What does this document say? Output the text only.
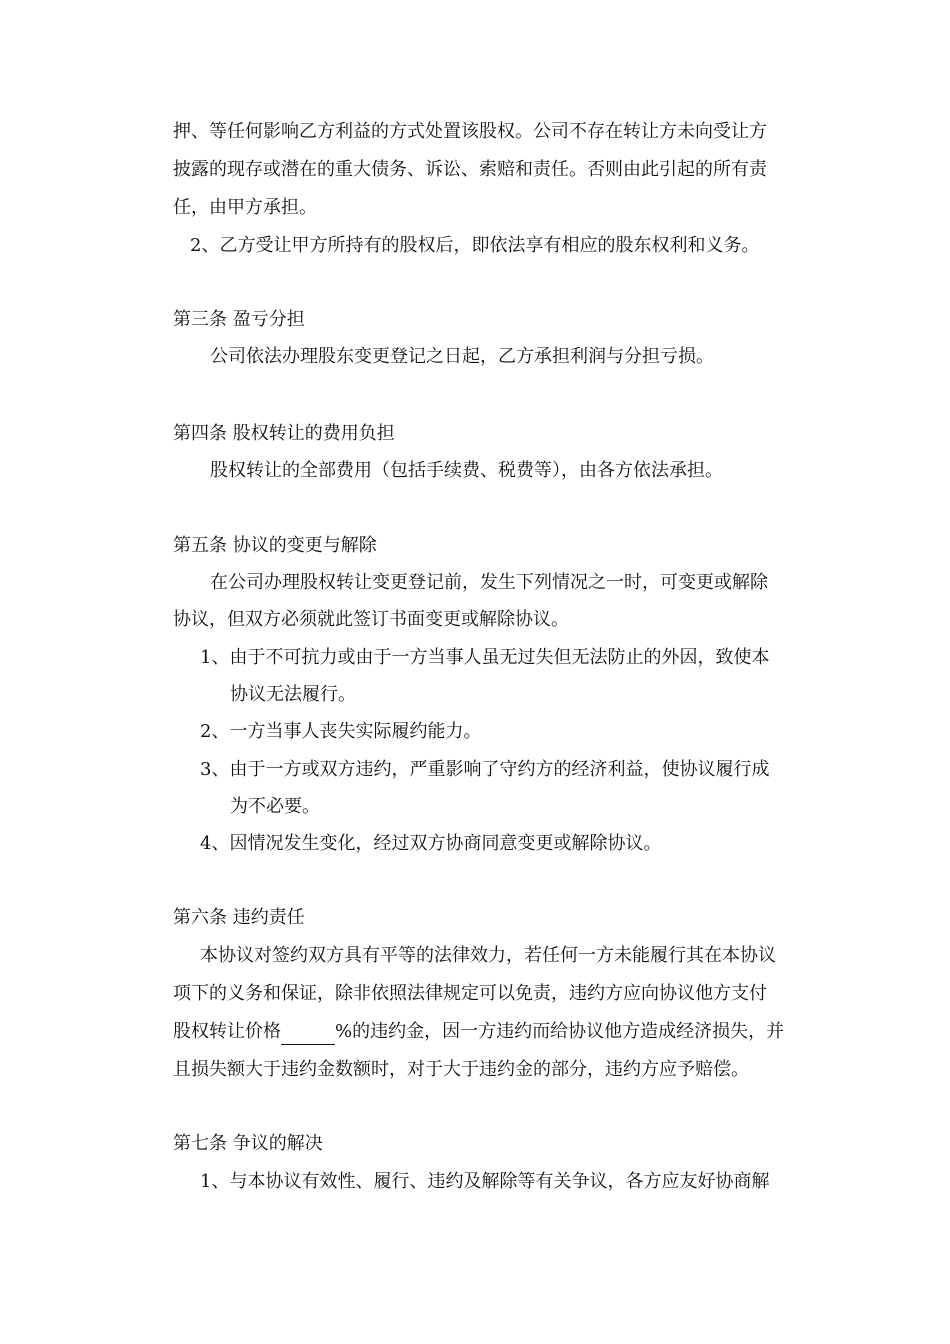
押、等任何影响乙方利益的方式处置该股权。公司不存在转让方未向受让方
披露的现存或潜在的重大债务、诉讼、索赔和责任。否则由此引起的所有责
任，由甲方承担。
2、乙方受让甲方所持有的股权后，即依法享有相应的股东权利和义务。
第三条 盈亏分担
公司依法办理股东变更登记之日起，乙方承担利润与分担亏损。
第四条 股权转让的费用负担
股权转让的全部费用（包括手续费、税费等），由各方依法承担。
第五条 协议的变更与解除
在公司办理股权转让变更登记前，发生下列情况之一时，可变更或解除
协议，但双方必须就此签订书面变更或解除协议。
1、由于不可抗力或由于一方当事人虽无过失但无法防止的外因，致使本
协议无法履行。
2、一方当事人丧失实际履约能力。
3、由于一方或双方违约，严重影响了守约方的经济利益，使协议履行成
为不必要。
4、因情况发生变化，经过双方协商同意变更或解除协议。
第六条 违约责任
本协议对签约双方具有平等的法律效力，若任何一方未能履行其在本协议
项下的义务和保证，除非依照法律规定可以免责，违约方应向协议他方支付
股权转让价格	%的违约金，因一方违约而给协议他方造成经济损失，并
且损失额大于违约金数额时，对于大于违约金的部分，违约方应予赔偿。
第七条 争议的解决
1、与本协议有效性、履行、违约及解除等有关争议，各方应友好协商解
